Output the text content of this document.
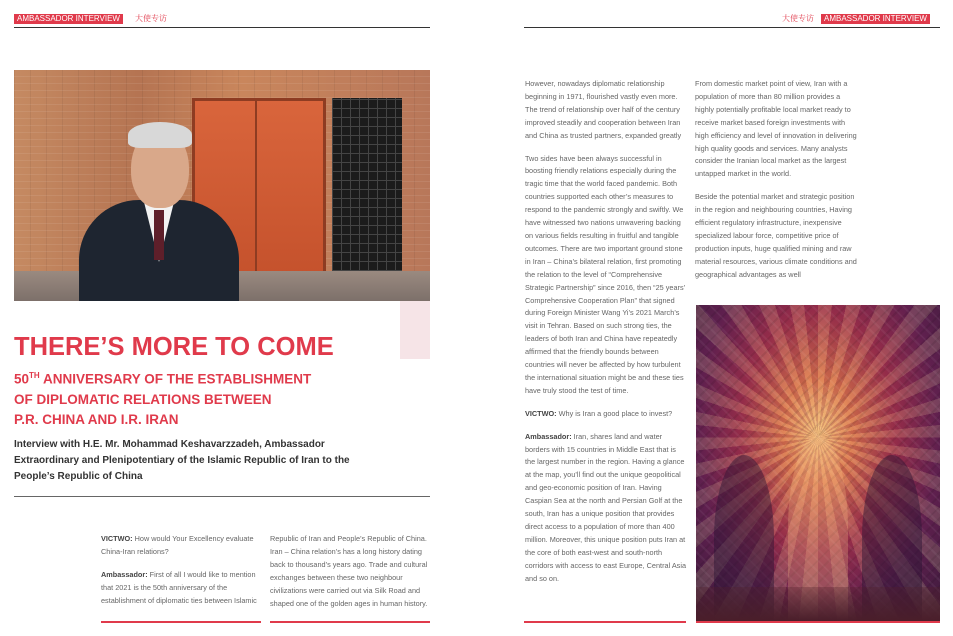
AMBASSADOR INTERVIEW	大使专访
THERE’S MORE TO COME
50TH ANNIVERSARY OF THE ESTABLISHMENT
OF DIPLOMATIC RELATIONS BETWEEN
P.R. CHINA AND I.R. IRAN
Interview with H.E. Mr. Mohammad Keshavarzzadeh, Ambassador Extraordinary and Plenipotentiary of the Islamic Republic of Iran to the People’s Republic of China

VICTWO: How would Your Excellency evaluate China-Iran relations?

Ambassador: First of all I would like to mention that 2021 is the 50th anniversary of the establishment of diplomatic ties between Islamic

Republic of Iran and People’s Republic of China. Iran – China relation’s has a long history dating back to thousand’s years ago. Trade and cultural exchanges between these two neighbour civilizations were carried out via Silk Road and shaped one of the golden ages in human history.

大使专访	AMBASSADOR INTERVIEW

However, nowadays diplomatic relationship beginning in 1971, flourished vastly even more. The trend of relationship over half of the century improved steadily and cooperation between Iran and China as trusted partners, expanded greatly

Two sides have been always successful in boosting friendly relations especially during the tragic time that the world faced pandemic. Both countries supported each other’s measures to respond to the pandemic strongly and swiftly. We have witnessed two nations unwavering backing on various fields resulting in fruitful and tangible outcomes. There are two important ground stone in Iran – China’s bilateral relation, first promoting the relation to the level of “Comprehensive Strategic Partnership” since 2016, then “25 years’ Comprehensive Cooperation Plan” that signed during Foreign Minister Wang Yi’s 2021 March’s visit in Tehran. Based on such strong ties, the leaders of both Iran and China have repeatedly affirmed that the friendly bounds between countries will never be affected by how turbulent the international situation might be and these ties have truly stood the test of time.

VICTWO: Why is Iran a good place to invest?

Ambassador: Iran, shares land and water borders with 15 countries in Middle East that is the largest number in the region. Having a glance at the map, you’ll find out the unique geopolitical and geo-economic position of Iran. Having Caspian Sea at the north and Persian Golf at the south, Iran has a unique position that provides direct access to a population of more than 400 million. Moreover, this unique position puts Iran at the core of both east-west and south-north corridors with access to east Europe, Central Asia and so on.

From domestic market point of view, Iran with a population of more than 80 million provides a highly potentially profitable local market ready to receive market based foreign investments with high efficiency and level of innovation in delivering high quality goods and services. Many analysts consider the Iranian local market as the largest untapped market in the world.

Beside the potential market and strategic position in the region and neighbouring countries, Having efficient regulatory infrastructure, inexpensive specialized labour force, competitive price of production inputs, huge qualified mining and raw material resources, various climate conditions and geographical advantages as well
